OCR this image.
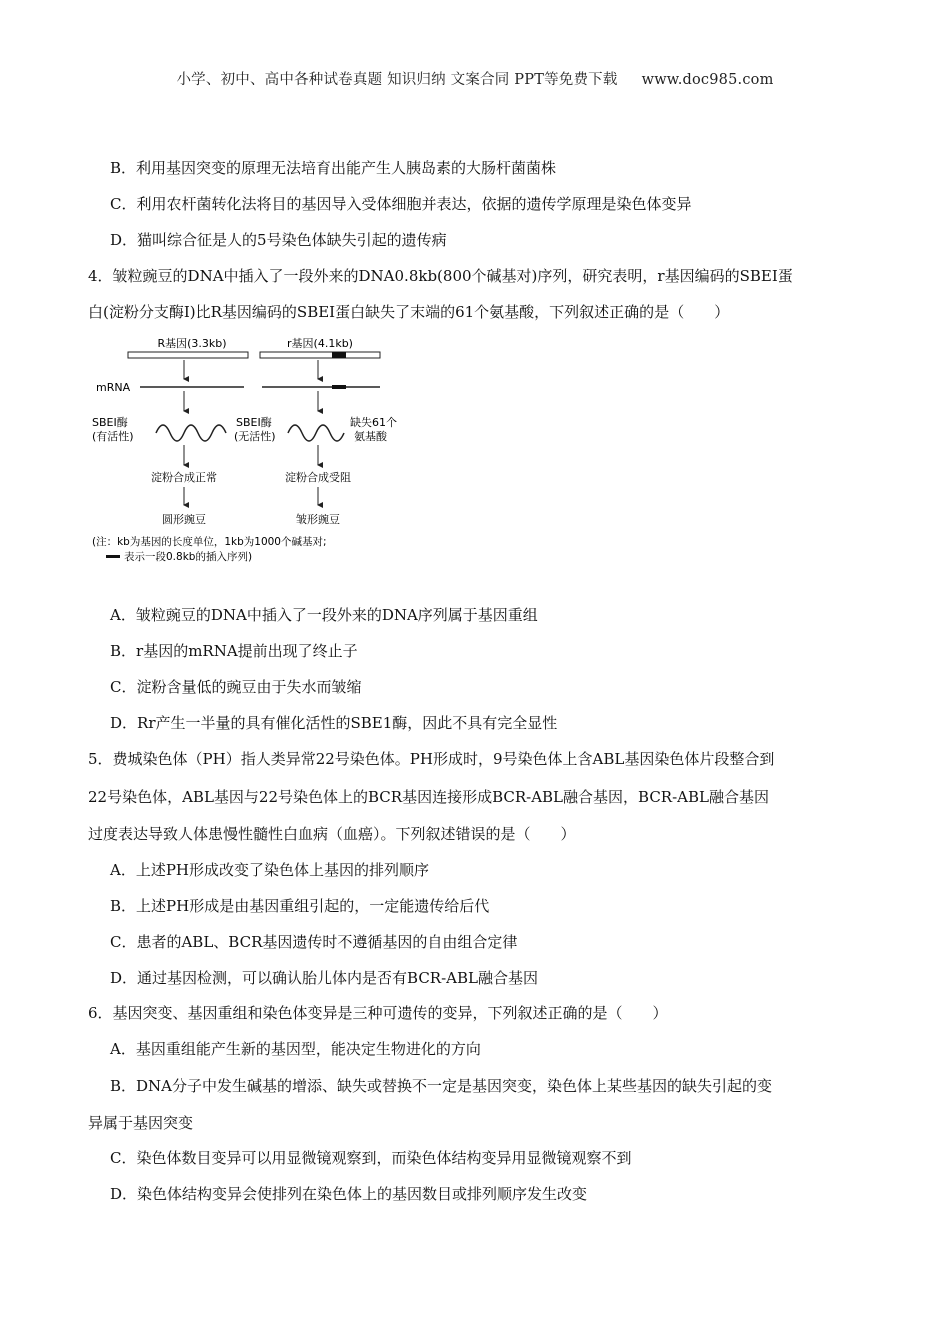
小学、初中、高中各种试卷真题 知识归纳 文案合同 PPT等免费下载 www.doc985.com
B．利用基因突变的原理无法培育出能产生人胰岛素的大肠杆菌菌株
C．利用农杆菌转化法将目的基因导入受体细胞并表达，依据的遗传学原理是染色体变异
D．猫叫综合征是人的5号染色体缺失引起的遗传病
4．皱粒豌豆的DNA中插入了一段外来的DNA0.8kb(800个碱基对)序列，研究表明，r基因编码的SBEI蛋
白(淀粉分支酶I)比R基因编码的SBEI蛋白缺失了末端的61个氨基酸，下列叙述正确的是（　　）
R基因(3.3kb)	r基因(4.1kb)
mRNA
SBEI酶
(有活性)
SBEI酶
(无活性)
缺失61个
氨基酸
淀粉合成正常	淀粉合成受阻
圆形豌豆	皱形豌豆
(注：kb为基因的长度单位，1kb为1000个碱基对;
表示一段0.8kb的插入序列)
A．皱粒豌豆的DNA中插入了一段外来的DNA序列属于基因重组
B．r基因的mRNA提前出现了终止子
C．淀粉含量低的豌豆由于失水而皱缩
D．Rr产生一半量的具有催化活性的SBE1酶，因此不具有完全显性
5．费城染色体（PH）指人类异常22号染色体。PH形成时，9号染色体上含ABL基因染色体片段整合到
22号染色体，ABL基因与22号染色体上的BCR基因连接形成BCR-ABL融合基因，BCR-ABL融合基因
过度表达导致人体患慢性髓性白血病（血癌）。下列叙述错误的是（　　）
A．上述PH形成改变了染色体上基因的排列顺序
B．上述PH形成是由基因重组引起的，一定能遗传给后代
C．患者的ABL、BCR基因遗传时不遵循基因的自由组合定律
D．通过基因检测，可以确认胎儿体内是否有BCR-ABL融合基因
6．基因突变、基因重组和染色体变异是三种可遗传的变异，下列叙述正确的是（　　）
A．基因重组能产生新的基因型，能决定生物进化的方向
B．DNA分子中发生碱基的增添、缺失或替换不一定是基因突变，染色体上某些基因的缺失引起的变
异属于基因突变
C．染色体数目变异可以用显微镜观察到，而染色体结构变异用显微镜观察不到
D．染色体结构变异会使排列在染色体上的基因数目或排列顺序发生改变
